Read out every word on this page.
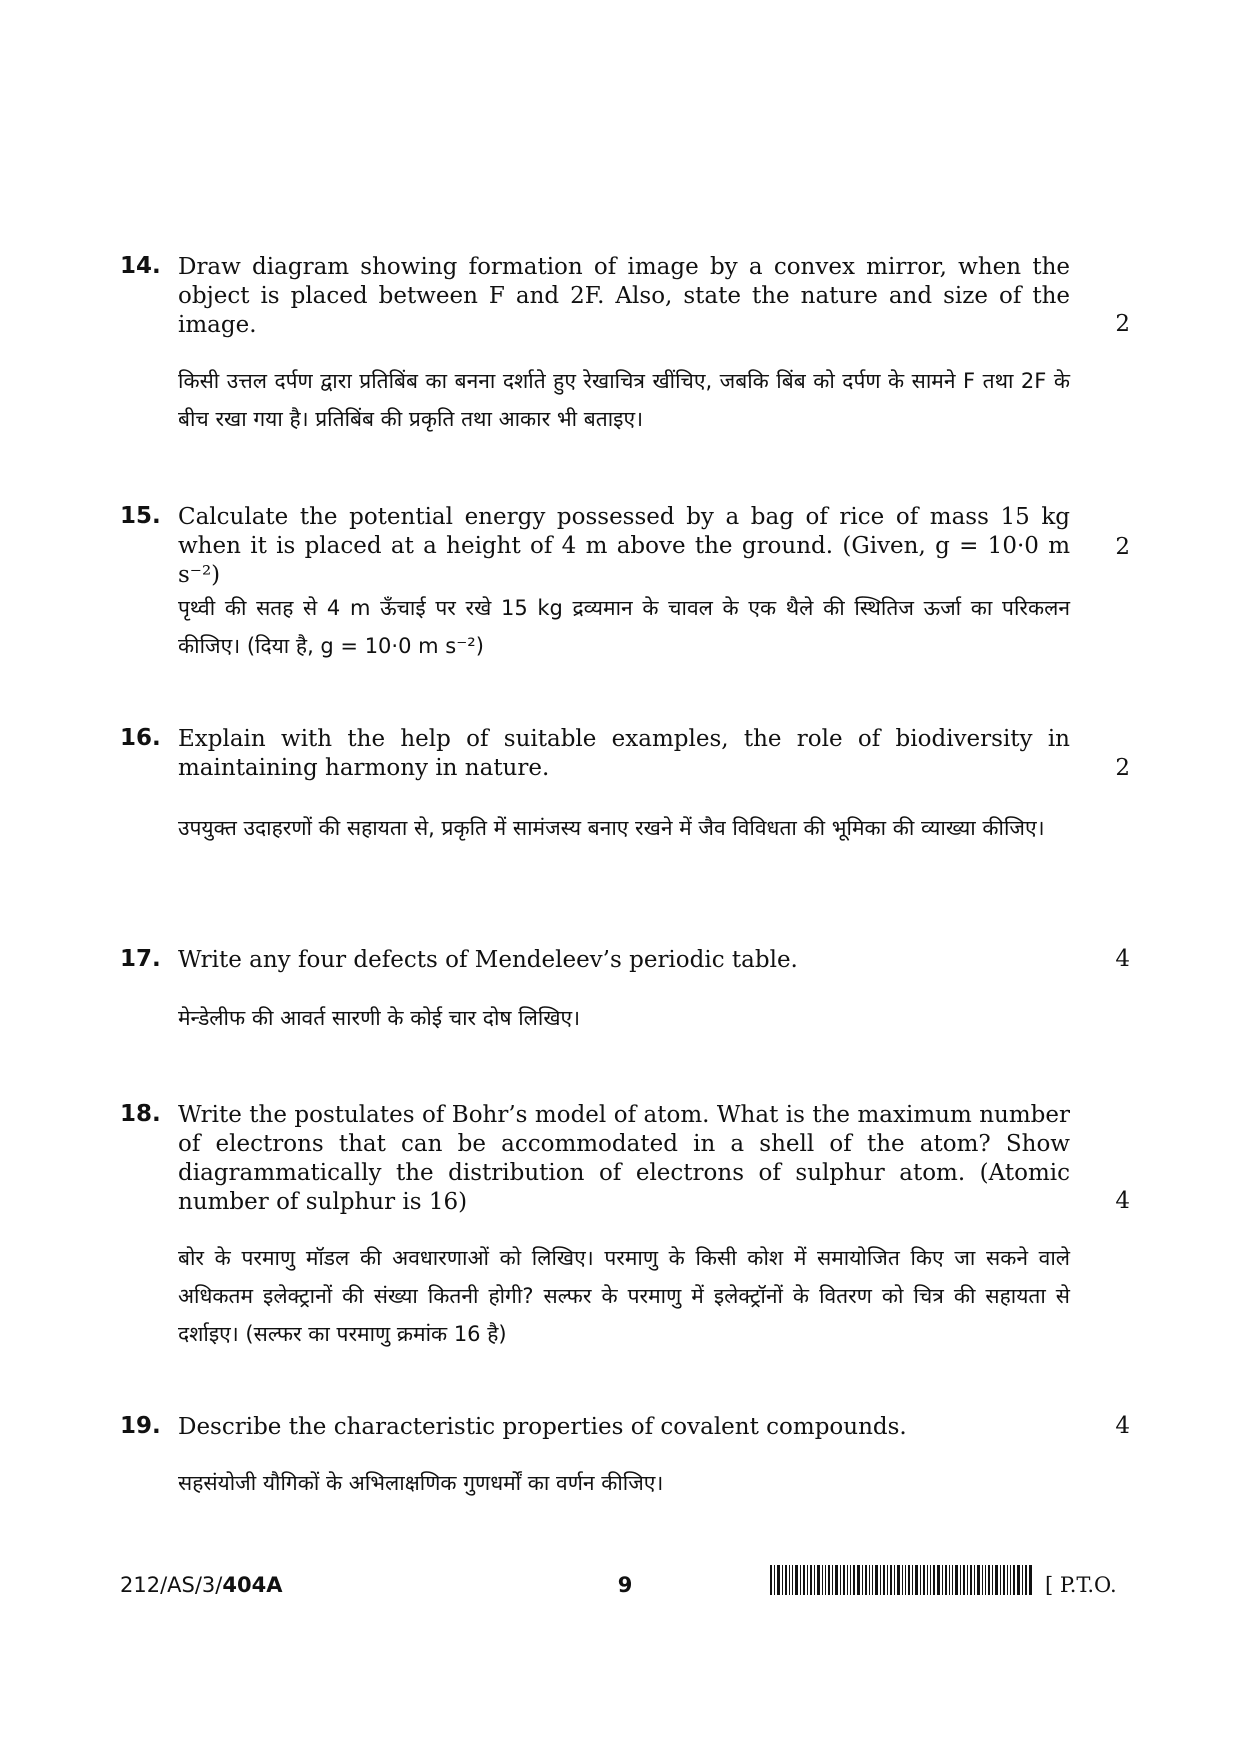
14. Draw diagram showing formation of image by a convex mirror, when the object is placed between F and 2F. Also, state the nature and size of the image.	2
किसी उत्तल दर्पण द्वारा प्रतिबिंब का बनना दर्शाते हुए रेखाचित्र खींचिए, जबकि बिंब को दर्पण के सामने F तथा 2F के बीच रखा गया है। प्रतिबिंब की प्रकृति तथा आकार भी बताइए।
15. Calculate the potential energy possessed by a bag of rice of mass 15 kg when it is placed at a height of 4 m above the ground. (Given, g = 10·0 m s⁻²)
2
पृथ्वी की सतह से 4 m ऊँचाई पर रखे 15 kg द्रव्यमान के चावल के एक थैले की स्थितिज ऊर्जा का परिकलन कीजिए। (दिया है, g = 10·0 m s⁻²)
16. Explain with the help of suitable examples, the role of biodiversity in maintaining harmony in nature.	2
उपयुक्त उदाहरणों की सहायता से, प्रकृति में सामंजस्य बनाए रखने में जैव विविधता की भूमिका की व्याख्या कीजिए।
17. Write any four defects of Mendeleev’s periodic table.	4
मेन्डेलीफ की आवर्त सारणी के कोई चार दोष लिखिए।
18. Write the postulates of Bohr’s model of atom. What is the maximum number of electrons that can be accommodated in a shell of the atom? Show diagrammatically the distribution of electrons of sulphur atom. (Atomic number of sulphur is 16)	4
बोर के परमाणु मॉडल की अवधारणाओं को लिखिए। परमाणु के किसी कोश में समायोजित किए जा सकने वाले अधिकतम इलेक्ट्रानों की संख्या कितनी होगी? सल्फर के परमाणु में इलेक्ट्रॉनों के वितरण को चित्र की सहायता से दर्शाइए। (सल्फर का परमाणु क्रमांक 16 है)
19. Describe the characteristic properties of covalent compounds.	4
सहसंयोजी यौगिकों के अभिलाक्षणिक गुणधर्मों का वर्णन कीजिए।
212/AS/3/404A	9	[ P.T.O.
